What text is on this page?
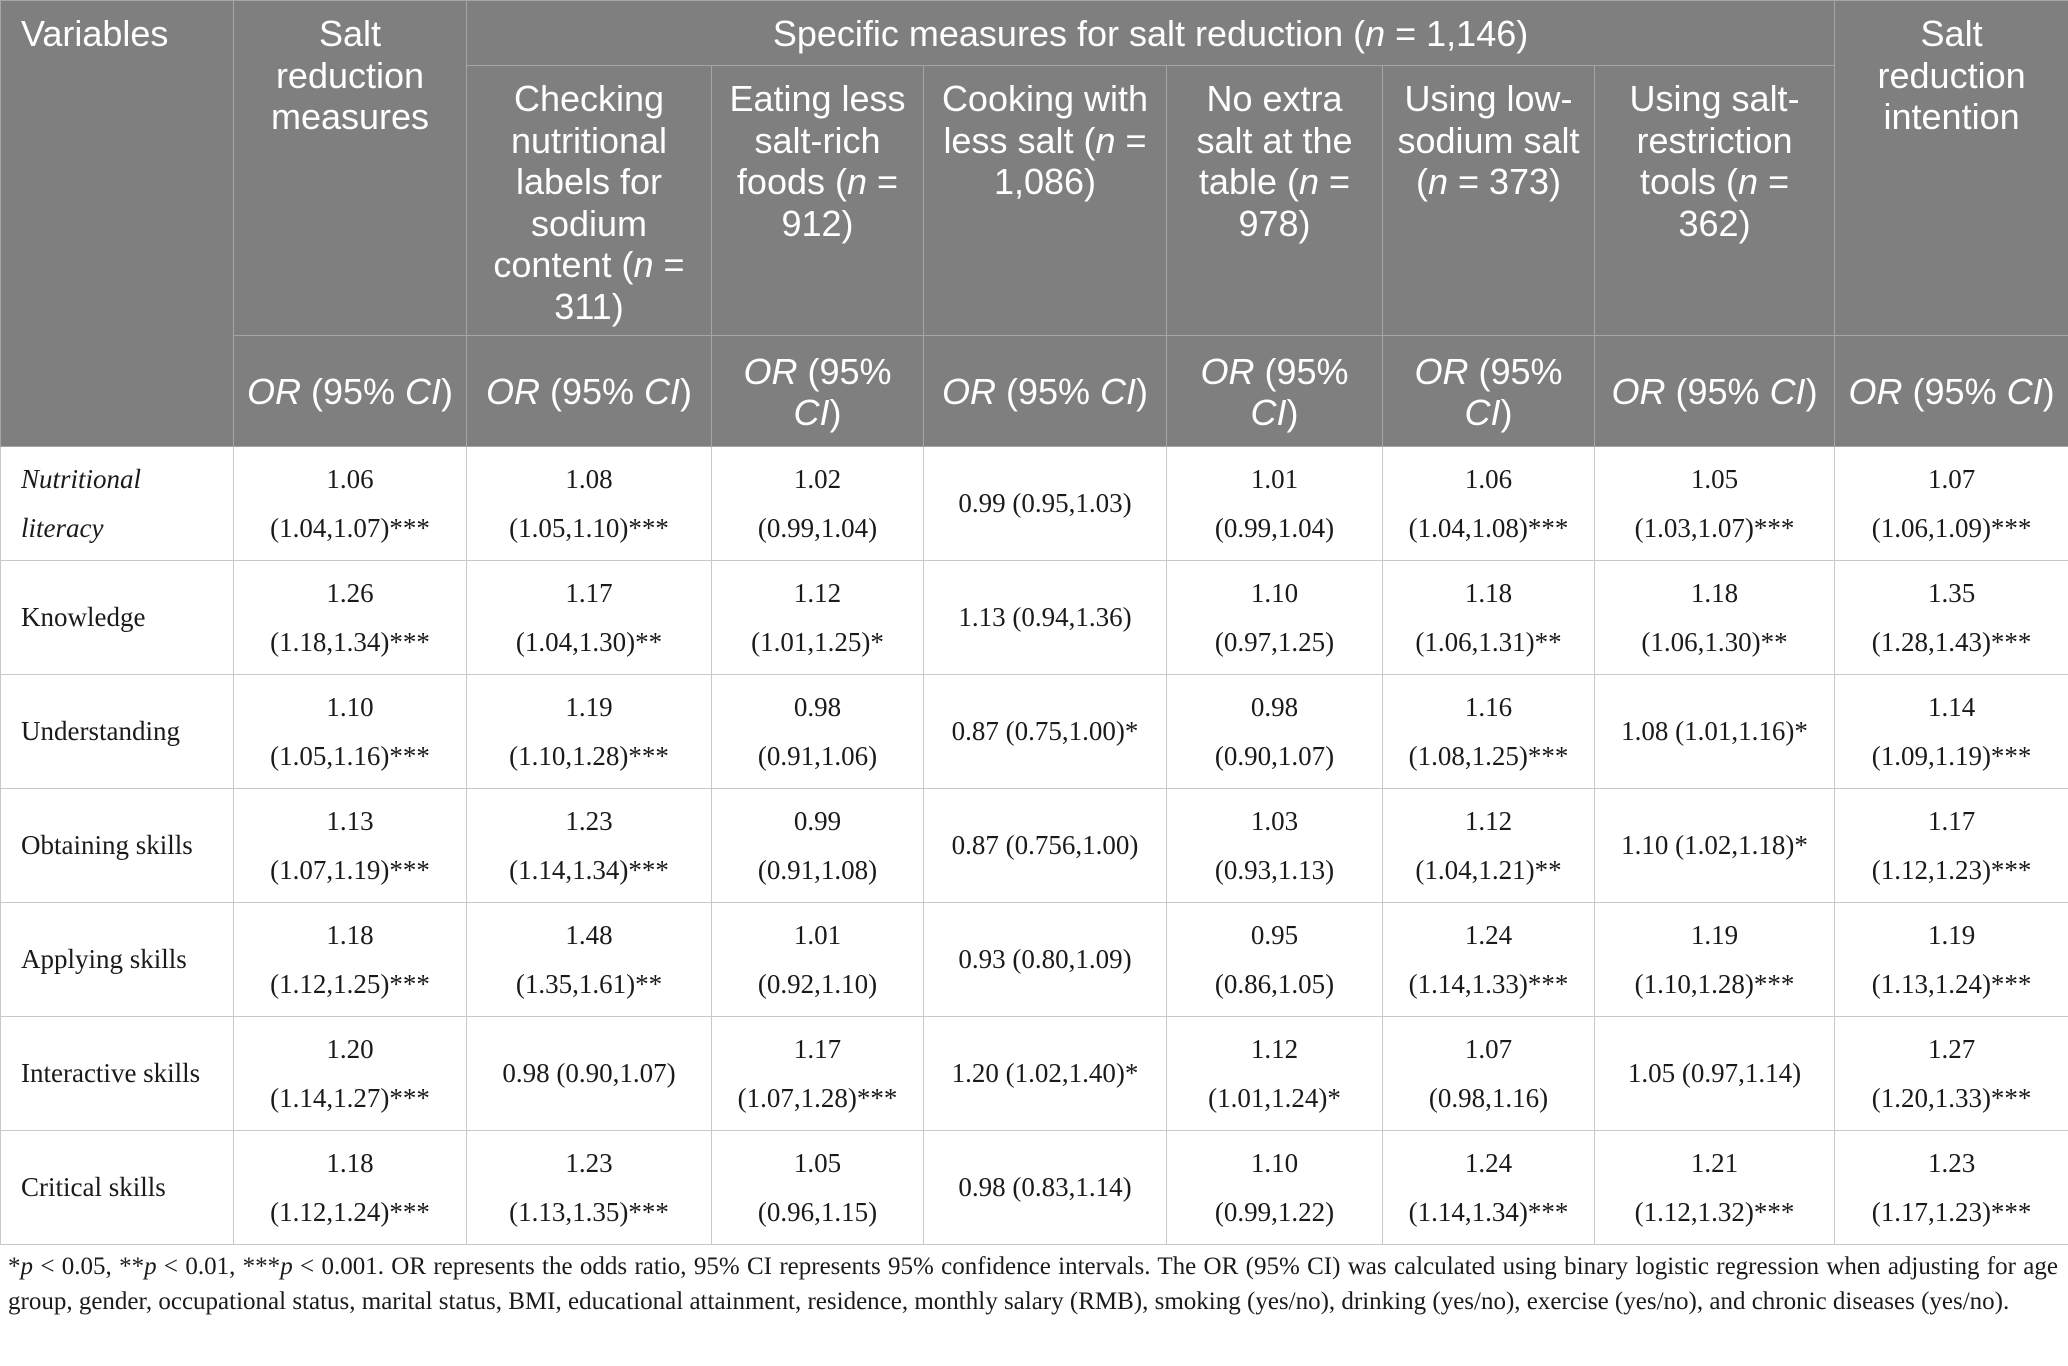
Variables	Salt reduction measures	Specific measures for salt reduction (n = 1,146)						Salt reduction intention
		Checking nutritional labels for sodium content (n = 311)	Eating less salt-rich foods (n = 912)	Cooking with less salt (n = 1,086)	No extra salt at the table (n = 978)	Using low-sodium salt (n = 373)	Using salt-restriction tools (n = 362)	
	OR (95% CI)	OR (95% CI)	OR (95% CI)	OR (95% CI)	OR (95% CI)	OR (95% CI)	OR (95% CI)	OR (95% CI)

Nutritional
literacy	1.06
(1.04,1.07)***	1.08
(1.05,1.10)***	1.02
(0.99,1.04)	0.99 (0.95,1.03)	1.01
(0.99,1.04)	1.06
(1.04,1.08)***	1.05
(1.03,1.07)***	1.07
(1.06,1.09)***

Knowledge	1.26
(1.18,1.34)***	1.17
(1.04,1.30)**	1.12
(1.01,1.25)*	1.13 (0.94,1.36)	1.10
(0.97,1.25)	1.18
(1.06,1.31)**	1.18
(1.06,1.30)**	1.35
(1.28,1.43)***

Understanding	1.10
(1.05,1.16)***	1.19
(1.10,1.28)***	0.98
(0.91,1.06)	0.87 (0.75,1.00)*	0.98
(0.90,1.07)	1.16
(1.08,1.25)***	1.08 (1.01,1.16)*	1.14
(1.09,1.19)***

Obtaining skills	1.13
(1.07,1.19)***	1.23
(1.14,1.34)***	0.99
(0.91,1.08)	0.87 (0.756,1.00)	1.03
(0.93,1.13)	1.12
(1.04,1.21)**	1.10 (1.02,1.18)*	1.17
(1.12,1.23)***

Applying skills	1.18
(1.12,1.25)***	1.48
(1.35,1.61)**	1.01
(0.92,1.10)	0.93 (0.80,1.09)	0.95
(0.86,1.05)	1.24
(1.14,1.33)***	1.19
(1.10,1.28)***	1.19
(1.13,1.24)***

Interactive skills	1.20
(1.14,1.27)***	0.98 (0.90,1.07)	1.17
(1.07,1.28)***	1.20 (1.02,1.40)*	1.12
(1.01,1.24)*	1.07
(0.98,1.16)	1.05 (0.97,1.14)	1.27
(1.20,1.33)***

Critical skills	1.18
(1.12,1.24)***	1.23
(1.13,1.35)***	1.05
(0.96,1.15)	0.98 (0.83,1.14)	1.10
(0.99,1.22)	1.24
(1.14,1.34)***	1.21
(1.12,1.32)***	1.23
(1.17,1.23)***
*p < 0.05, **p < 0.01, ***p < 0.001. OR represents the odds ratio, 95% CI represents 95% confidence intervals. The OR (95% CI) was calculated using binary logistic regression when adjusting for age group, gender, occupational status, marital status, BMI, educational attainment, residence, monthly salary (RMB), smoking (yes/no), drinking (yes/no), exercise (yes/no), and chronic diseases (yes/no).
